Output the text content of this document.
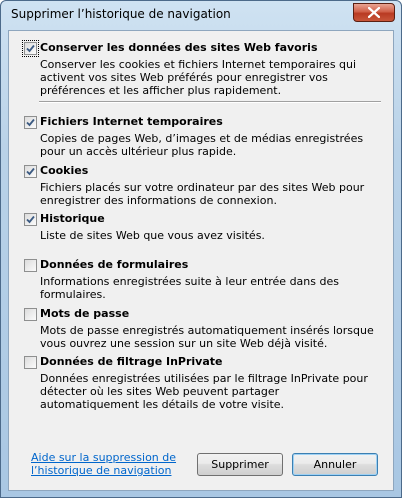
Supprimer l’historique de navigation
Conserver les données des sites Web favoris
Conserver les cookies et fichiers Internet temporaires qui activent vos sites Web préférés pour enregistrer vos préférences et les afficher plus rapidement.
Fichiers Internet temporaires
Copies de pages Web, d’images et de médias enregistrées pour un accès ultérieur plus rapide.
Cookies
Fichiers placés sur votre ordinateur par des sites Web pour enregistrer des informations de connexion.
Historique
Liste de sites Web que vous avez visités.
Données de formulaires
Informations enregistrées suite à leur entrée dans des formulaires.
Mots de passe
Mots de passe enregistrés automatiquement insérés lorsque vous ouvrez une session sur un site Web déjà visité.
Données de filtrage InPrivate
Données enregistrées utilisées par le filtrage InPrivate pour détecter où les sites Web peuvent partager automatiquement les détails de votre visite.
Aide sur la suppression de l’historique de navigation	Supprimer	Annuler
